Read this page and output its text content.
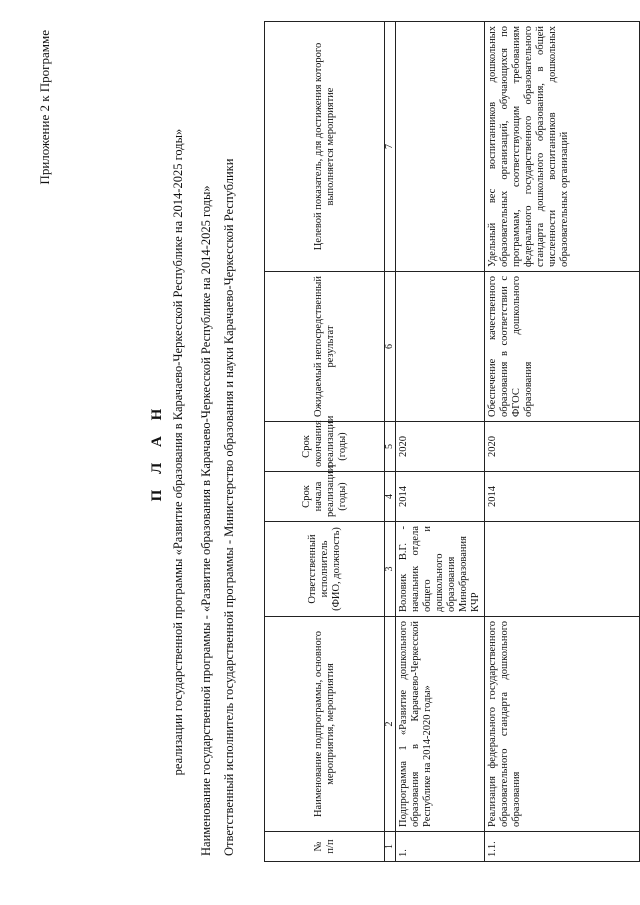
Приложение 2 к Программе
П Л А Н реализации государственной программы «Развитие образования в Карачаево-Черкесской Республике на 2014-2025 годы» Наименование государственной программы - «Развитие образования в Карачаево-Черкесской Республике на 2014-2025 годы» Ответственный исполнитель государственной программы - Министерство образования и науки Карачаево-Черкесской Республики	№ п/п	Наименование подпрограммы, основного мероприятия, мероприятия	Ответственный исполнитель (ФИО, должность)	Срок начала реализации (годы)	Срок окончания реализации (годы)	Ожидаемый непосредственный результат	Целевой показатель, для достижения которого выполняется мероприятие
1	2	3	4	5	6	7
1.	Подпрограмма 1 «Развитие дошкольного образования в Карачаево-Черкесской Республике на 2014-2020 годы»	Воловик В.Г. - начальник отдела общего и дошкольного образования Минобразования КЧР	2014	2020		
1.1.	Реализация федерального государственного образовательного стандарта дошкольного образования		2014	2020	Обеспечение качественного образования в соответствии с ФГОС дошкольного образования	Удельный вес воспитанников дошкольных образовательных организаций, обучающихся по программам, соответствующим требованиям федерального государственного образовательного стандарта дошкольного образования, в общей численности воспитанников дошкольных образовательных организаций
